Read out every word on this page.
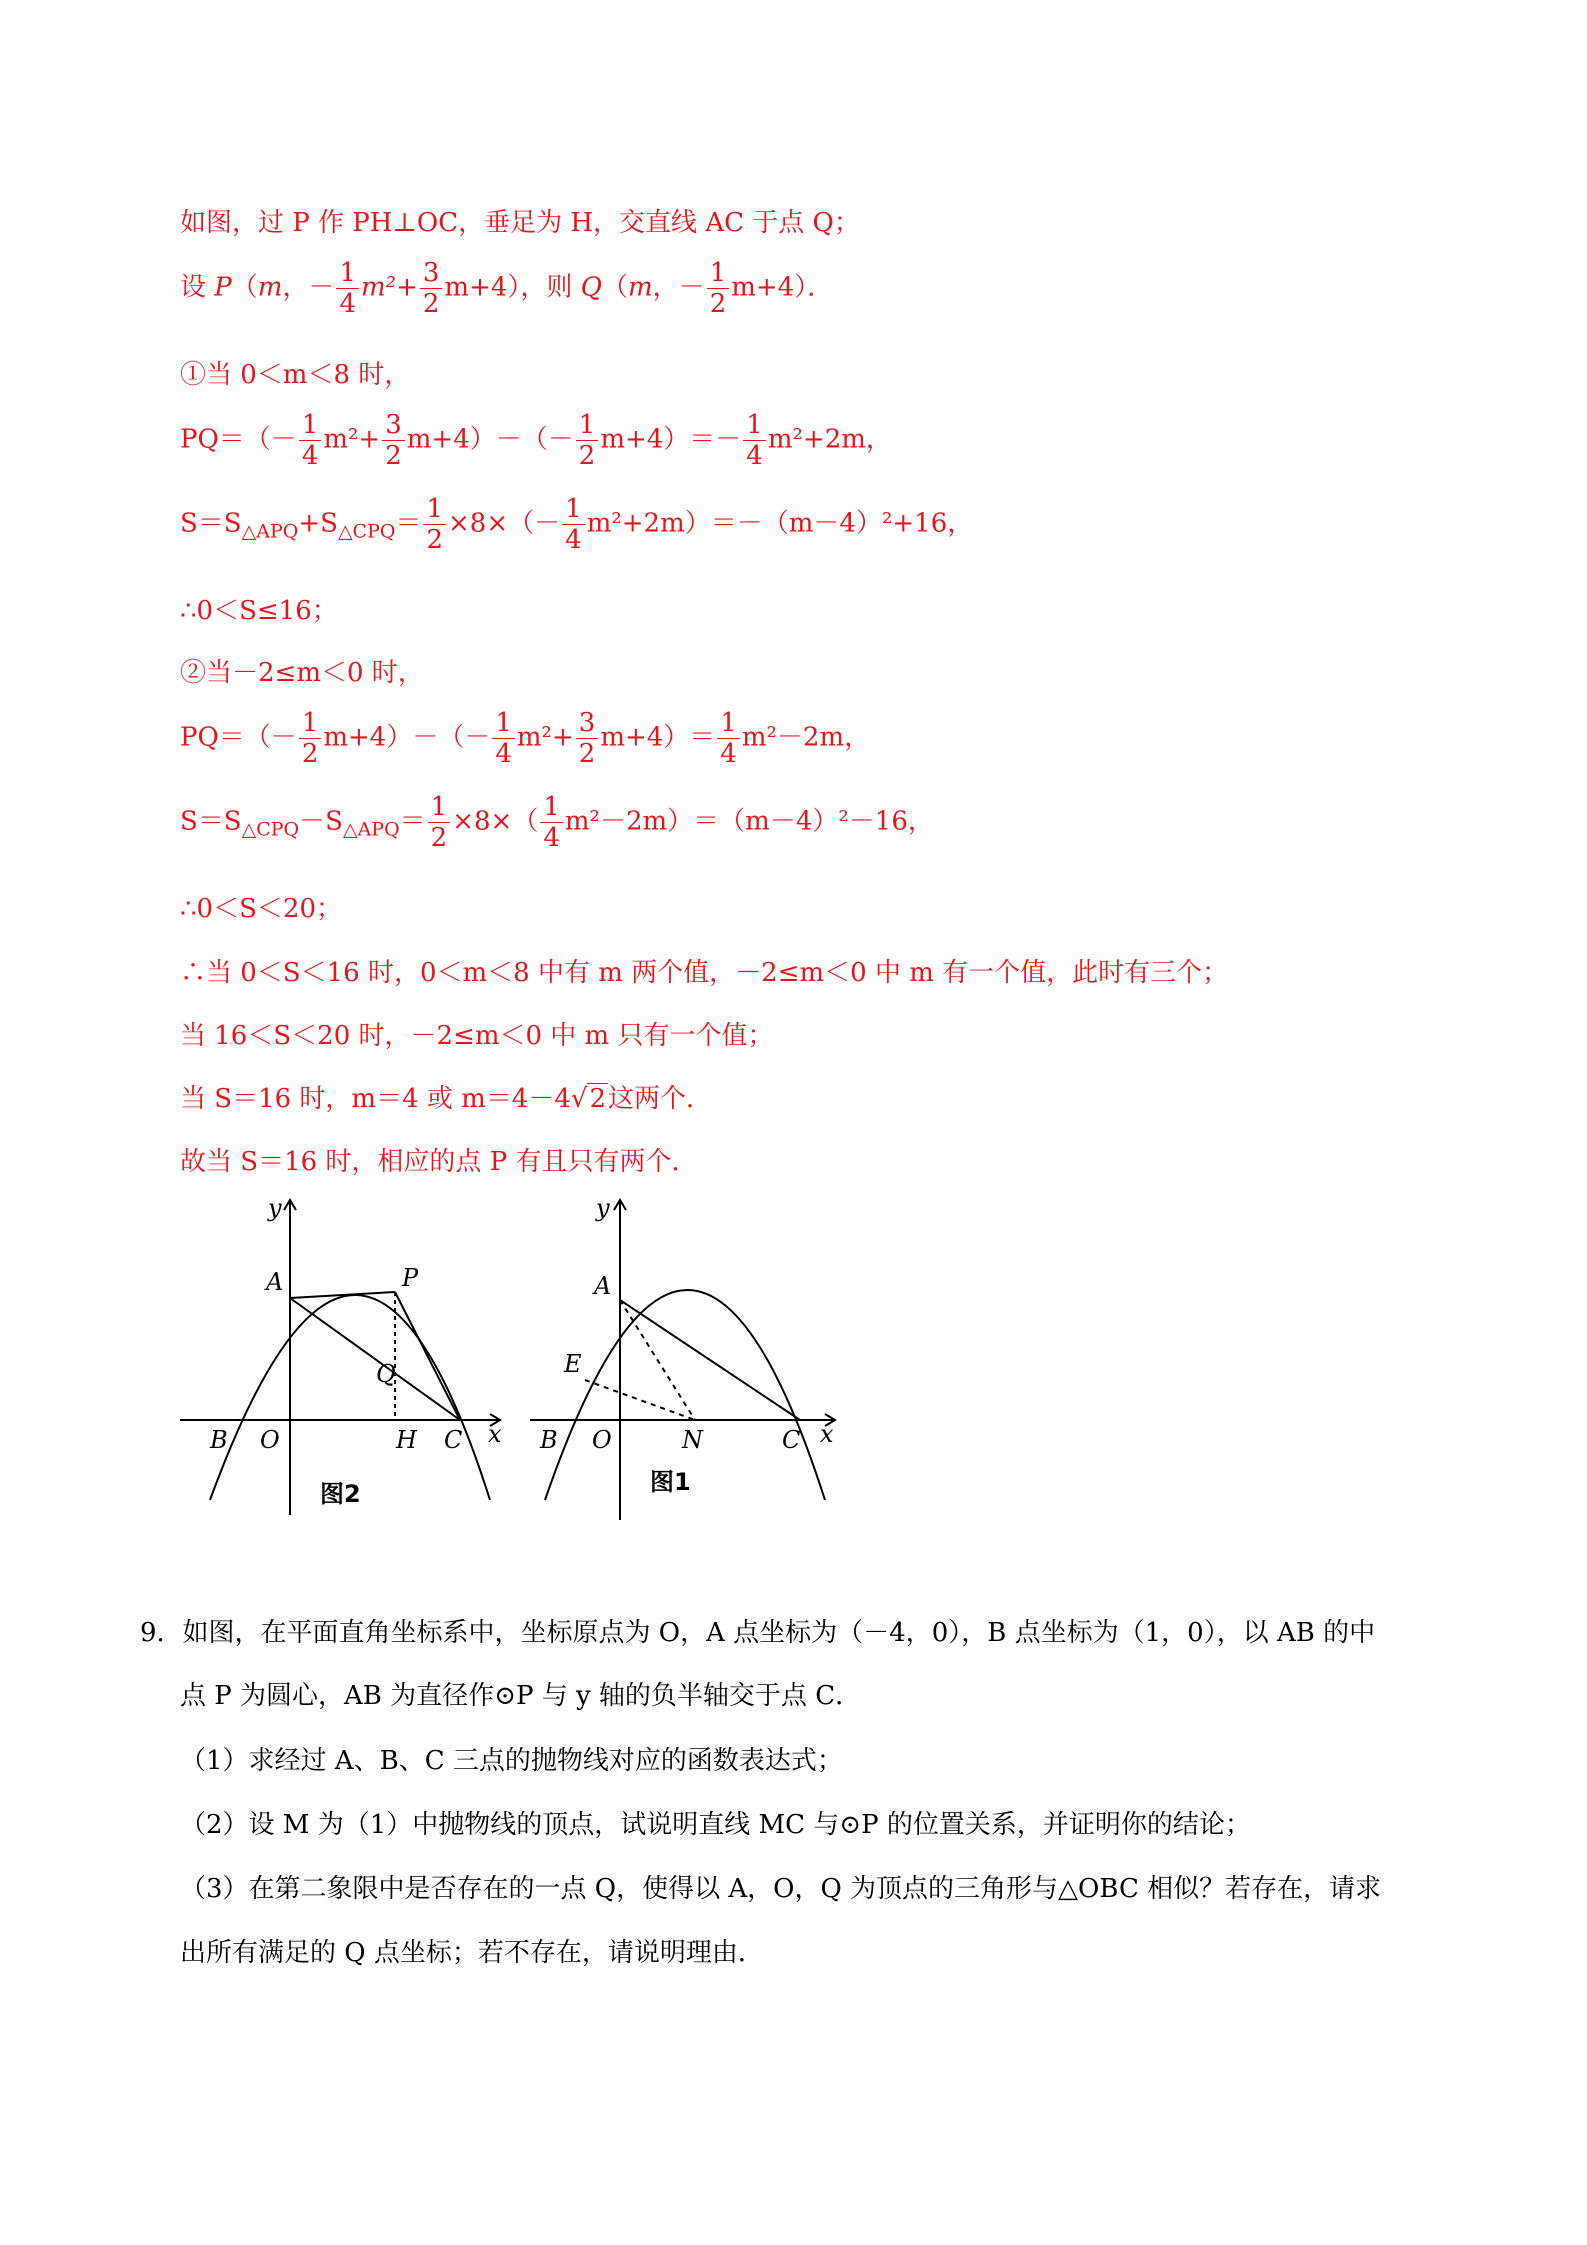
如图，过 P 作 PH⊥OC，垂足为 H，交直线 AC 于点 Q；
设 P（m，－ $\frac{1}{4} m^2+ \frac{3}{2} m+4$），则 Q（m，－ $\frac{1}{2} m+4$）．
①当 0＜m＜8 时，
$PQ=(- \frac{1}{4} m^2+ \frac{3}{2} m+4)-(- \frac{1}{2} m+4)=- \frac{1}{4} m^2+2m$，
$S=S_{\triangle APQ}+S_{\triangle CPQ}= \frac{1}{2} \times 8\times(- \frac{1}{4} m^2+2m)=-(m-4)^2+16$，
∴0＜S≤16；
②当－2≤m＜0 时，
$PQ=(- \frac{1}{2} m+4)-(- \frac{1}{4} m^2+ \frac{3}{2} m+4)= \frac{1}{4} m^2-2m$，
$S=S_{\triangle CPQ}-S_{\triangle APQ}= \frac{1}{2} \times 8\times( \frac{1}{4} m^2-2m)=(m-4)^2-16$，
∴0＜S＜20；
∴当 0＜S＜16 时，0＜m＜8 中有 m 两个值，－2≤m＜0 中 m 有一个值，此时有三个；
当 16＜S＜20 时，－2≤m＜0 中 m 只有一个值；
当 S＝16 时，m＝4 或 m＝4－4√2这两个．
故当 S＝16 时，相应的点 P 有且只有两个．
y
x
A	P
Q
B O	H C
图2
y
x
A
E
B O	N	C
图1
9．如图，在平面直角坐标系中，坐标原点为 O，A 点坐标为（－4，0），B 点坐标为（1，0），以 AB 的中
点 P 为圆心，AB 为直径作⊙P 与 y 轴的负半轴交于点 C．
（1）求经过 A、B、C 三点的抛物线对应的函数表达式；
（2）设 M 为（1）中抛物线的顶点，试说明直线 MC 与⊙P 的位置关系，并证明你的结论；
（3）在第二象限中是否存在的一点 Q，使得以 A，O，Q 为顶点的三角形与△OBC 相似？若存在，请求
出所有满足的 Q 点坐标；若不存在，请说明理由．
